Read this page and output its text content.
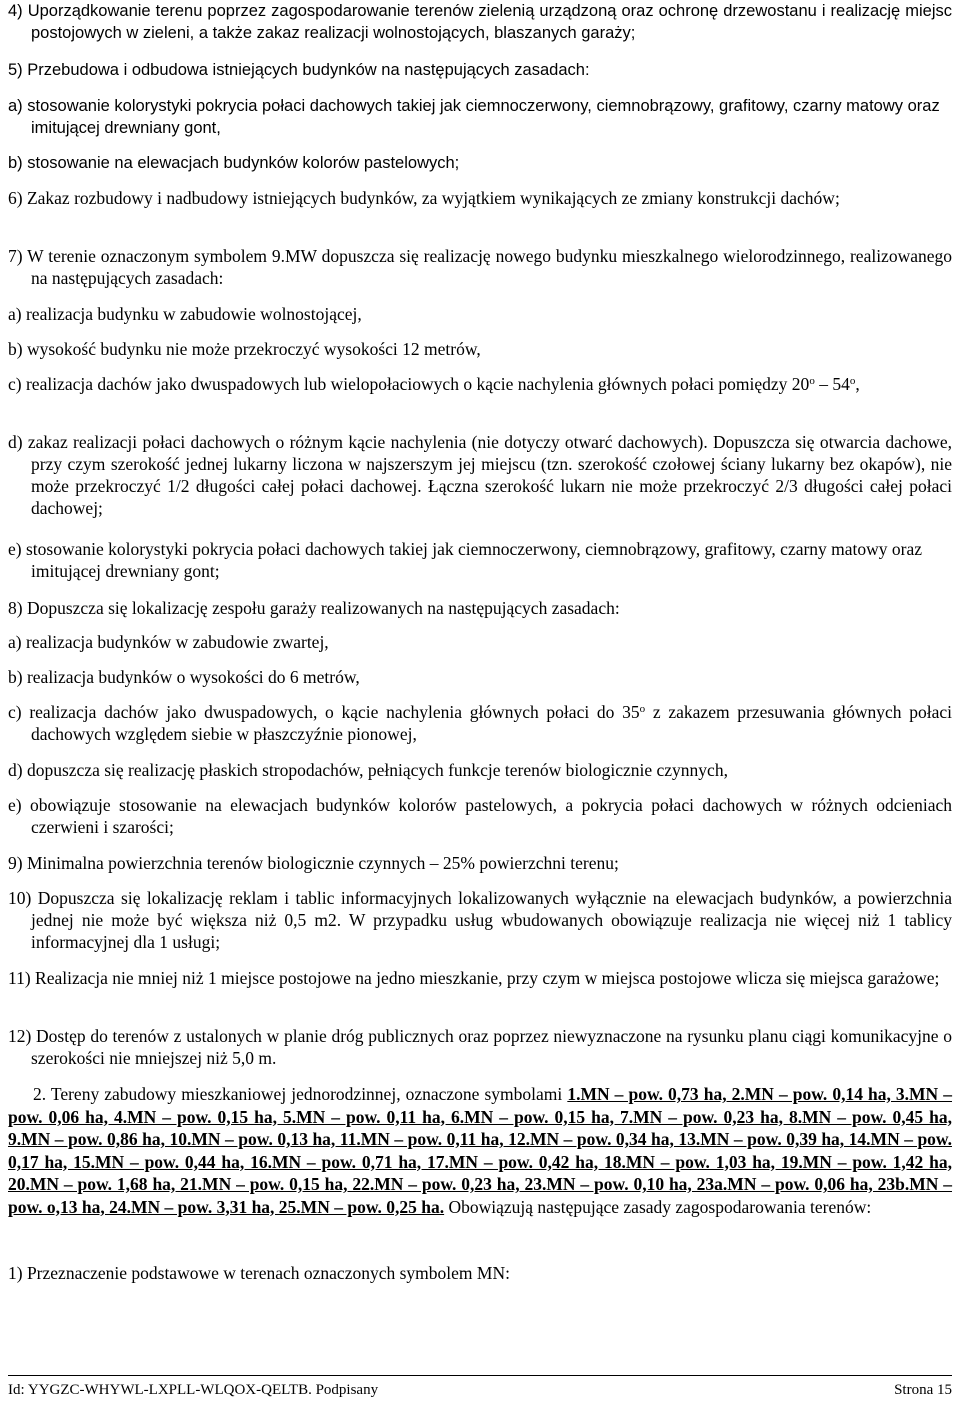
4) Uporządkowanie terenu poprzez zagospodarowanie terenów zielenią urządzoną oraz ochronę drzewostanu i realizację miejsc postojowych w zieleni, a także zakaz realizacji wolnostojących, blaszanych garaży;

5) Przebudowa i odbudowa istniejących budynków na następujących zasadach:

a) stosowanie kolorystyki pokrycia połaci dachowych takiej jak ciemnoczerwony, ciemnobrązowy, grafitowy, czarny matowy oraz imitującej drewniany gont,

b) stosowanie na elewacjach budynków kolorów pastelowych;

6) Zakaz rozbudowy i nadbudowy istniejących budynków, za wyjątkiem wynikających ze zmiany konstrukcji dachów;

7) W terenie oznaczonym symbolem 9.MW dopuszcza się realizację nowego budynku mieszkalnego wielorodzinnego, realizowanego na następujących zasadach:

a) realizacja budynku w zabudowie wolnostojącej,

b) wysokość budynku nie może przekroczyć wysokości 12 metrów,

c) realizacja dachów jako dwuspadowych lub wielopołaciowych o kącie nachylenia głównych połaci pomiędzy 20$^o$ – 54$^o$,

d) zakaz realizacji połaci dachowych o różnym kącie nachylenia (nie dotyczy otwarć dachowych). Dopuszcza się otwarcia dachowe, przy czym szerokość jednej lukarny liczona w najszerszym jej miejscu (tzn. szerokość czołowej ściany lukarny bez okapów), nie może przekroczyć 1/2 długości całej połaci dachowej. Łączna szerokość lukarn nie może przekroczyć 2/3 długości całej połaci dachowej;

e) stosowanie kolorystyki pokrycia połaci dachowych takiej jak ciemnoczerwony, ciemnobrązowy, grafitowy, czarny matowy oraz imitującej drewniany gont;

8) Dopuszcza się lokalizację zespołu garaży realizowanych na następujących zasadach:

a) realizacja budynków w zabudowie zwartej,

b) realizacja budynków o wysokości do 6 metrów,

c) realizacja dachów jako dwuspadowych, o kącie nachylenia głównych połaci do 35$^o$ z zakazem przesuwania głównych połaci dachowych względem siebie w płaszczyźnie pionowej,

d) dopuszcza się realizację płaskich stropodachów, pełniących funkcje terenów biologicznie czynnych,

e) obowiązuje stosowanie na elewacjach budynków kolorów pastelowych, a pokrycia połaci dachowych w różnych odcieniach czerwieni i szarości;

9) Minimalna powierzchnia terenów biologicznie czynnych – 25% powierzchni terenu;

10) Dopuszcza się lokalizację reklam i tablic informacyjnych lokalizowanych wyłącznie na elewacjach budynków, a powierzchnia jednej nie może być większa niż 0,5 m2. W przypadku usług wbudowanych obowiązuje realizacja nie więcej niż 1 tablicy informacyjnej dla 1 usługi;

11) Realizacja nie mniej niż 1 miejsce postojowe na jedno mieszkanie, przy czym w miejsca postojowe wlicza się miejsca garażowe;

12) Dostęp do terenów z ustalonych w planie dróg publicznych oraz poprzez niewyznaczone na rysunku planu ciągi komunikacyjne o szerokości nie mniejszej niż 5,0 m.

2. Tereny zabudowy mieszkaniowej jednorodzinnej, oznaczone symbolami 1.MN – pow. 0,73 ha, 2.MN – pow. 0,14 ha, 3.MN – pow. 0,06 ha, 4.MN – pow. 0,15 ha, 5.MN – pow. 0,11 ha, 6.MN – pow. 0,15 ha, 7.MN – pow. 0,23 ha, 8.MN – pow. 0,45 ha, 9.MN – pow. 0,86 ha, 10.MN – pow. 0,13 ha, 11.MN – pow. 0,11 ha, 12.MN – pow. 0,34 ha, 13.MN – pow. 0,39 ha, 14.MN – pow. 0,17 ha, 15.MN – pow. 0,44 ha, 16.MN – pow. 0,71 ha, 17.MN – pow. 0,42 ha, 18.MN – pow. 1,03 ha, 19.MN – pow. 1,42 ha, 20.MN – pow. 1,68 ha, 21.MN – pow. 0,15 ha, 22.MN – pow. 0,23 ha, 23.MN – pow. 0,10 ha, 23a.MN – pow. 0,06 ha, 23b.MN – pow. o,13 ha, 24.MN – pow. 3,31 ha, 25.MN – pow. 0,25 ha. Obowiązują następujące zasady zagospodarowania terenów:

1) Przeznaczenie podstawowe w terenach oznaczonych symbolem MN:

Id: YYGZC-WHYWL-LXPLL-WLQOX-QELTB. Podpisany	Strona 15
